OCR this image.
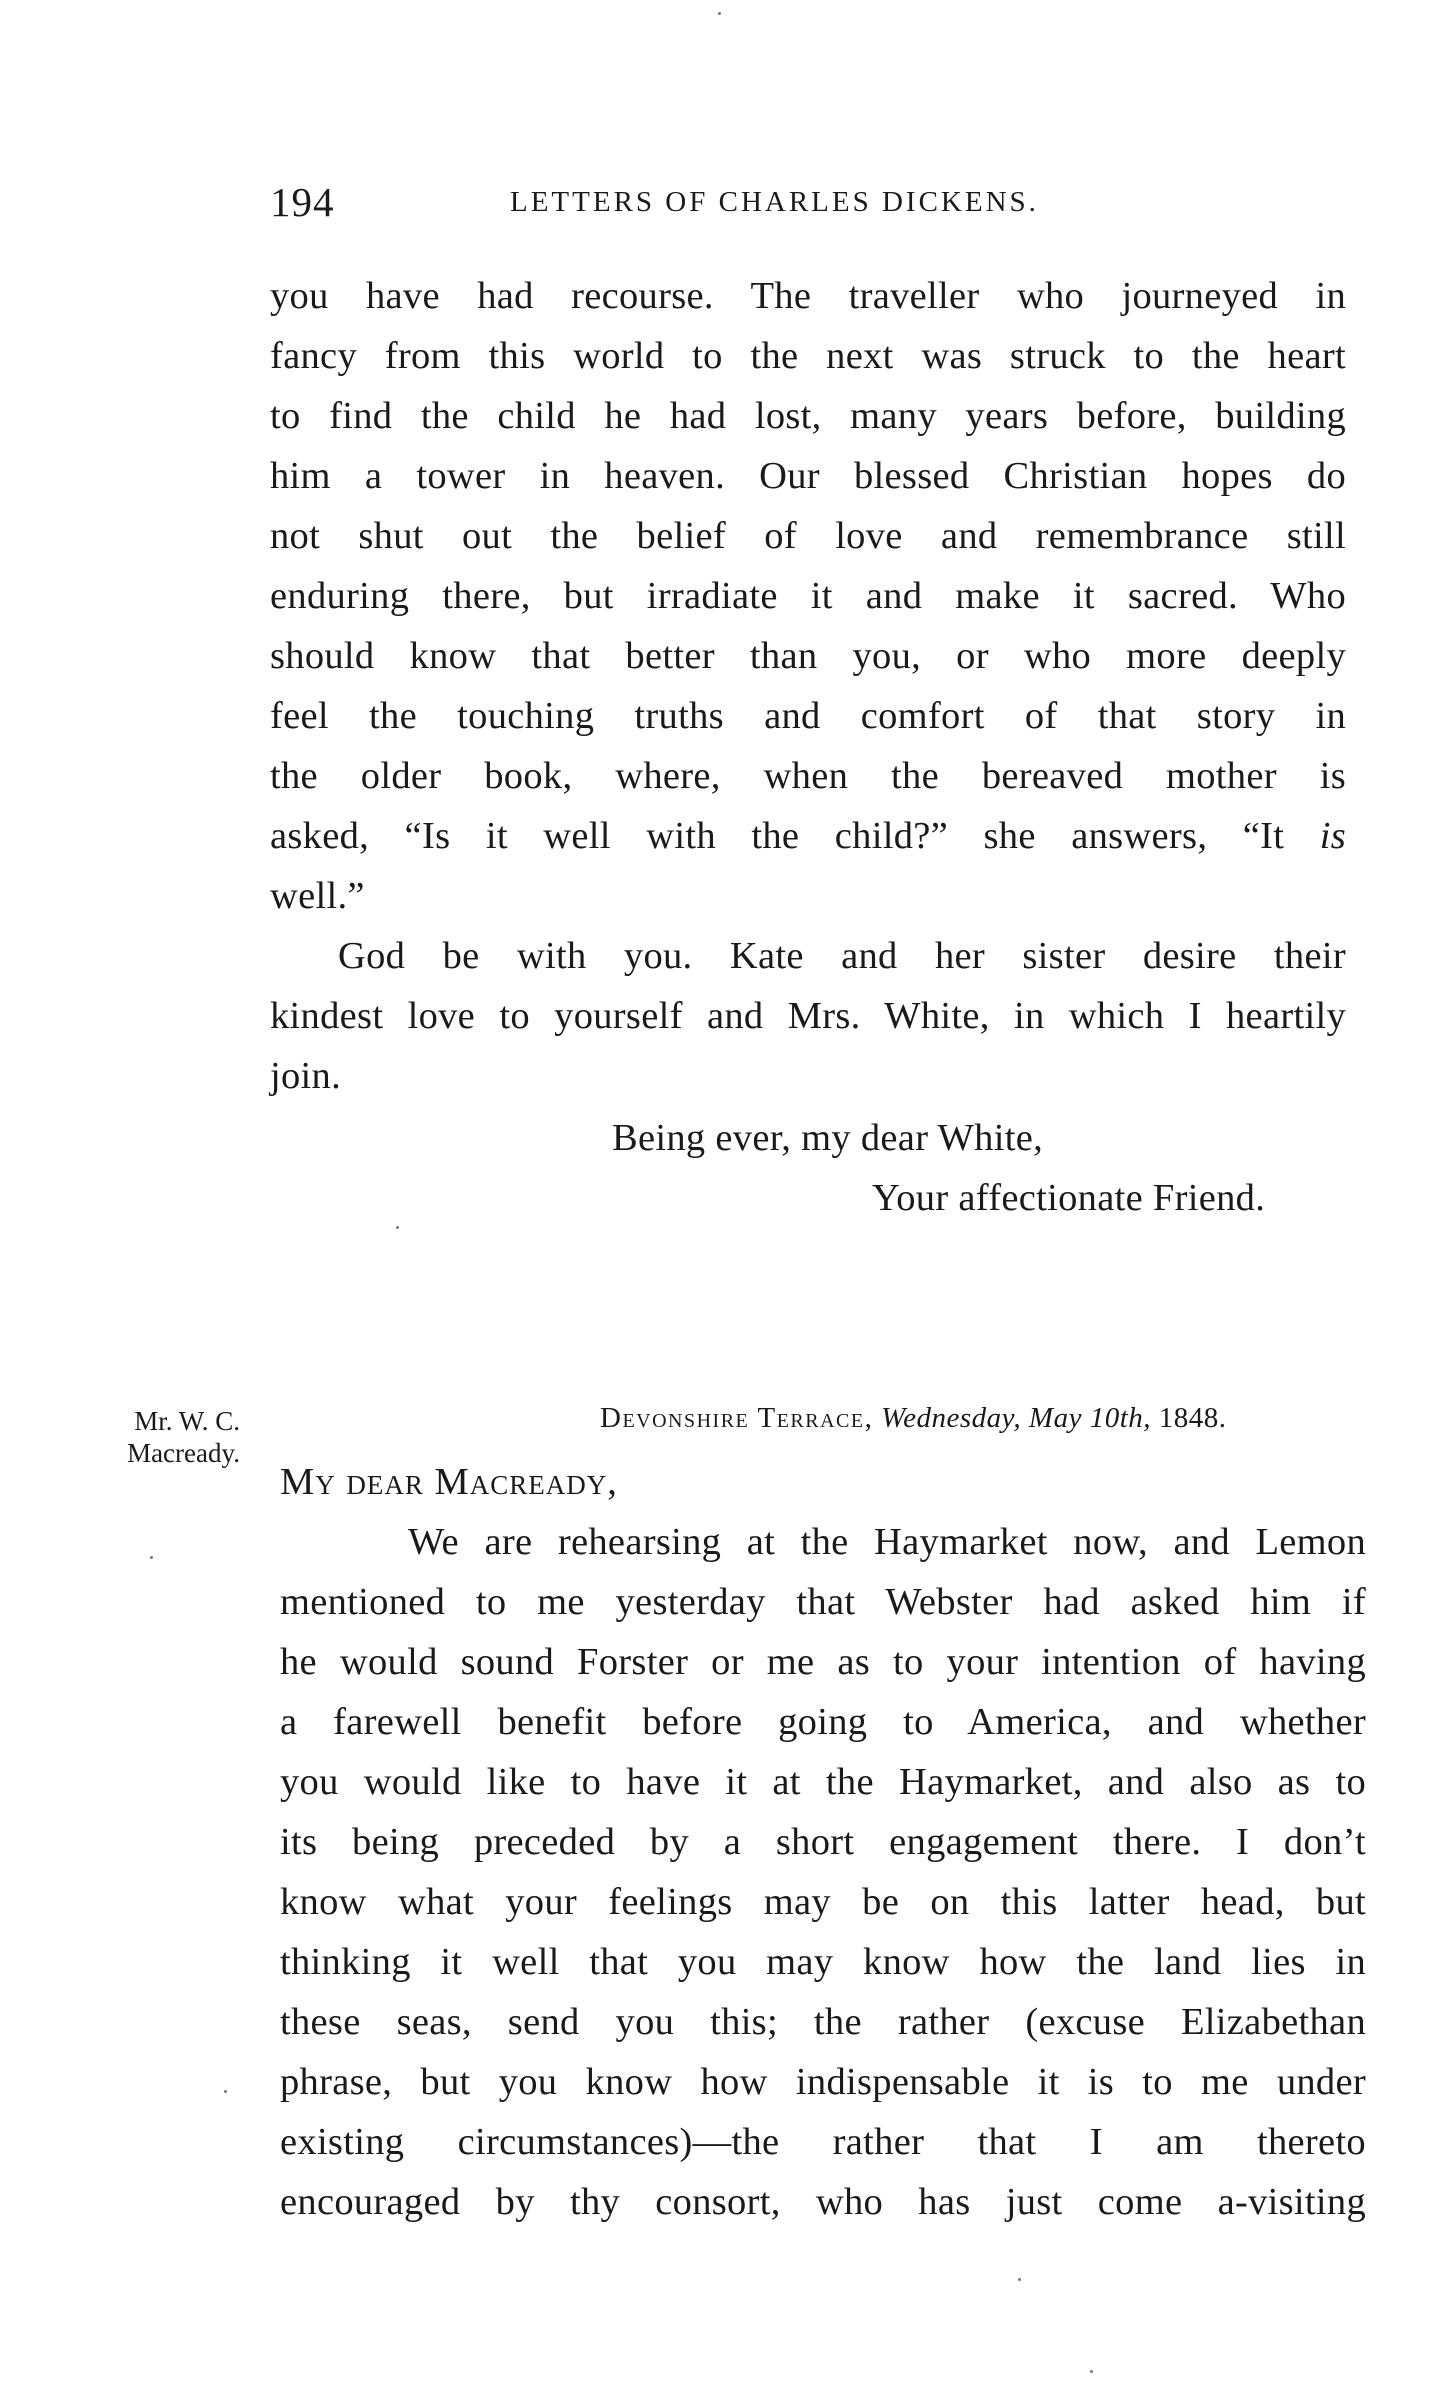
194	LETTERS OF CHARLES DICKENS.
you have had recourse. The traveller who journeyed in
fancy from this world to the next was struck to the heart
to find the child he had lost, many years before, building
him a tower in heaven. Our blessed Christian hopes do
not shut out the belief of love and remembrance still
enduring there, but irradiate it and make it sacred. Who
should know that better than you, or who more deeply
feel the touching truths and comfort of that story in
the older book, where, when the bereaved mother is
asked, “Is it well with the child?” she answers, “It is
well.”
God be with you. Kate and her sister desire their
kindest love to yourself and Mrs. White, in which I heartily
join.
Being ever, my dear White,
Your affectionate Friend.
Mr. W. C.
Macready.
Devonshire Terrace, Wednesday, May 10th, 1848.
My dear Macready,
We are rehearsing at the Haymarket now, and Lemon
mentioned to me yesterday that Webster had asked him if
he would sound Forster or me as to your intention of having
a farewell benefit before going to America, and whether
you would like to have it at the Haymarket, and also as to
its being preceded by a short engagement there. I don’t
know what your feelings may be on this latter head, but
thinking it well that you may know how the land lies in
these seas, send you this; the rather (excuse Elizabethan
phrase, but you know how indispensable it is to me under
existing circumstances)—the rather that I am thereto
encouraged by thy consort, who has just come a-visiting
